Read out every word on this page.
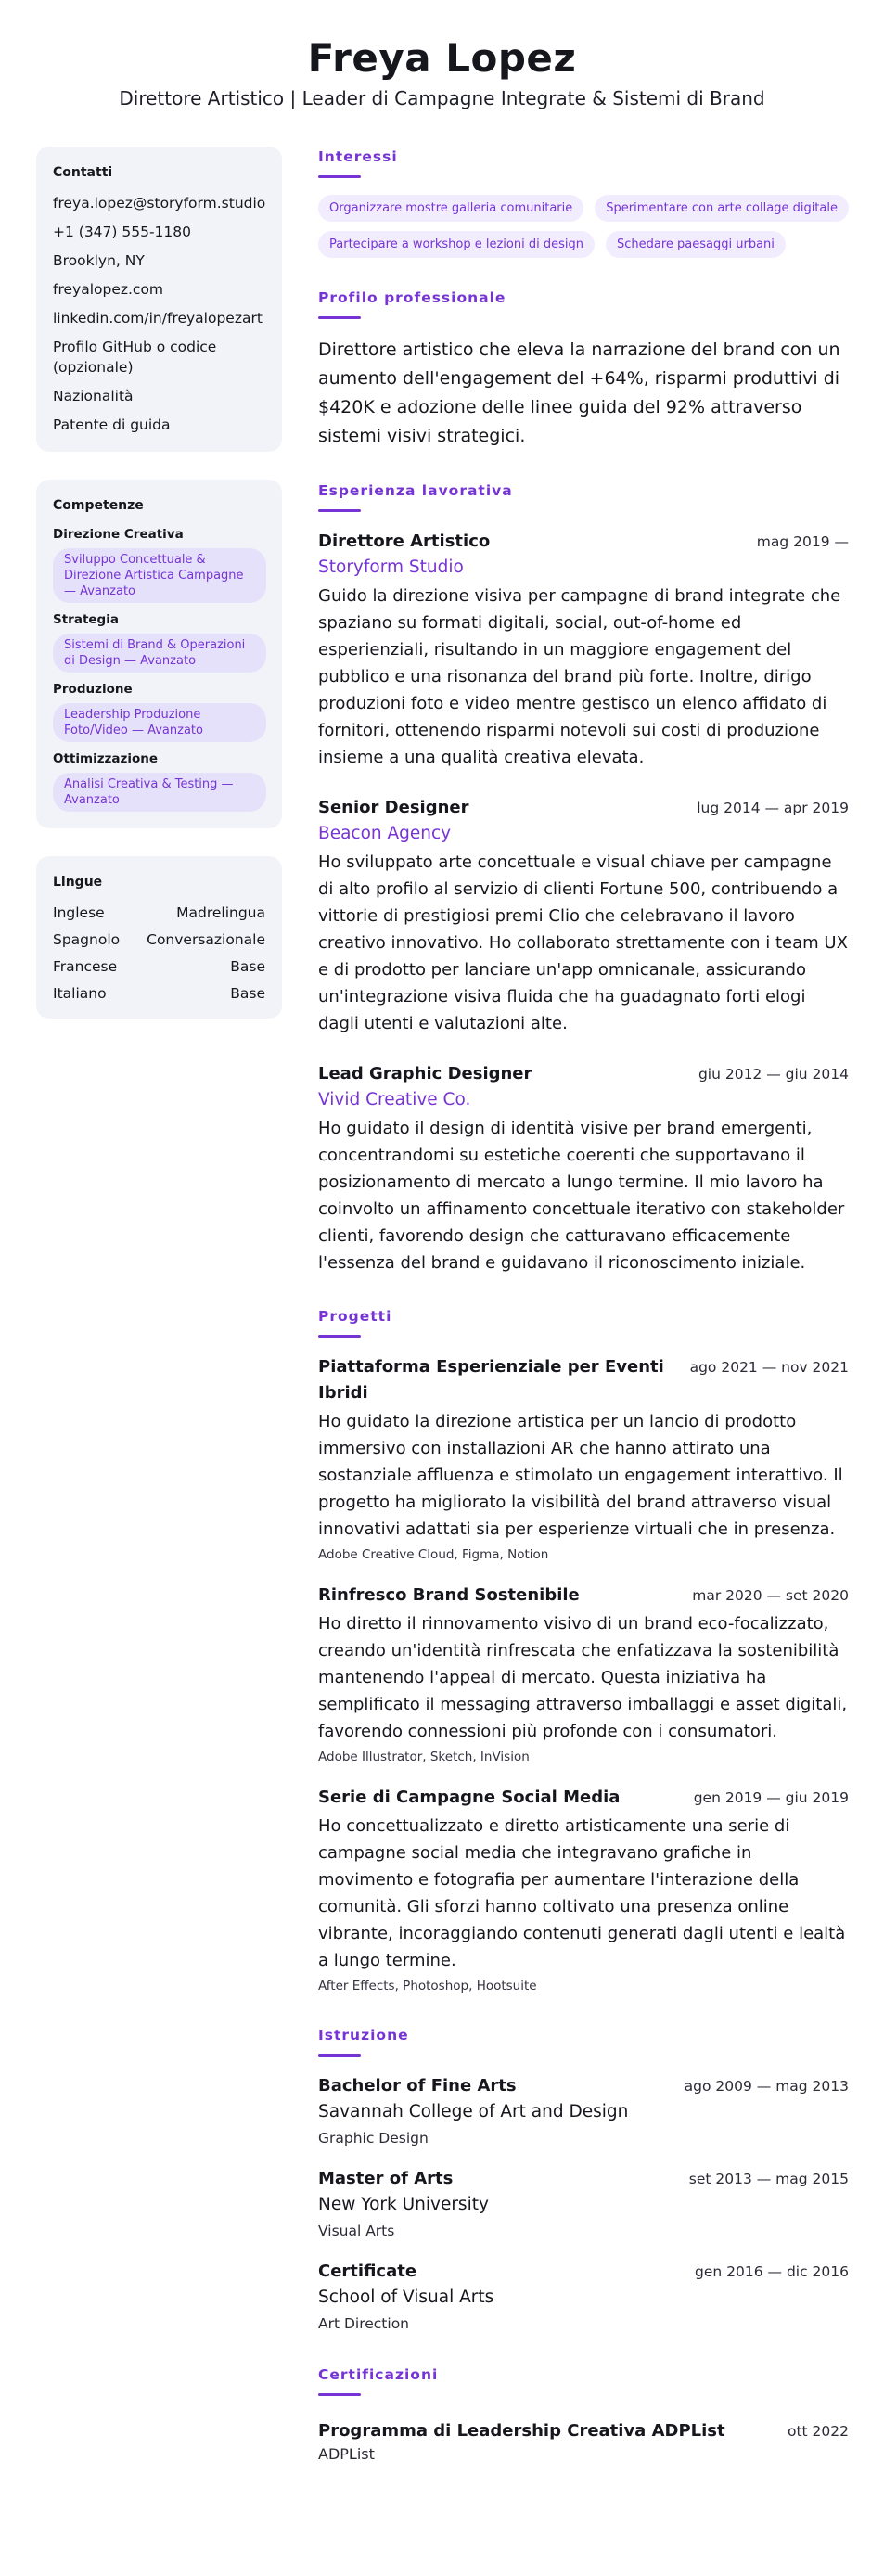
Freya Lopez
Direttore Artistico | Leader di Campagne Integrate & Sistemi di Brand
Contatti
freya.lopez@storyform.studio
+1 (347) 555-1180
Brooklyn, NY
freyalopez.com
linkedin.com/in/freyalopezart
Profilo GitHub o codice (opzionale)
Nazionalità
Patente di guida
Competenze
Direzione Creativa
Sviluppo Concettuale & Direzione Artistica Campagne — Avanzato
Strategia
Sistemi di Brand & Operazioni di Design — Avanzato
Produzione
Leadership Produzione Foto/Video — Avanzato
Ottimizzazione
Analisi Creativa & Testing — Avanzato
Lingue
Inglese	Madrelingua
Spagnolo Conversazionale
Francese	Base
Italiano	Base
Interessi
Organizzare mostre galleria comunitarie	Sperimentare con arte collage digitale
Partecipare a workshop e lezioni di design	Schedare paesaggi urbani
Profilo professionale
Direttore artistico che eleva la narrazione del brand con un aumento dell'engagement del +64%, risparmi produttivi di $420K e adozione delle linee guida del 92% attraverso sistemi visivi strategici.
Esperienza lavorativa
Direttore Artistico	mag 2019 —
Storyform Studio
Guido la direzione visiva per campagne di brand integrate che spaziano su formati digitali, social, out-of-home ed esperienziali, risultando in un maggiore engagement del pubblico e una risonanza del brand più forte. Inoltre, dirigo produzioni foto e video mentre gestisco un elenco affidato di fornitori, ottenendo risparmi notevoli sui costi di produzione insieme a una qualità creativa elevata.
Senior Designer	lug 2014 — apr 2019
Beacon Agency
Ho sviluppato arte concettuale e visual chiave per campagne di alto profilo al servizio di clienti Fortune 500, contribuendo a vittorie di prestigiosi premi Clio che celebravano il lavoro creativo innovativo. Ho collaborato strettamente con i team UX e di prodotto per lanciare un'app omnicanale, assicurando un'integrazione visiva fluida che ha guadagnato forti elogi dagli utenti e valutazioni alte.
Lead Graphic Designer	giu 2012 — giu 2014
Vivid Creative Co.
Ho guidato il design di identità visive per brand emergenti, concentrandomi su estetiche coerenti che supportavano il posizionamento di mercato a lungo termine. Il mio lavoro ha coinvolto un affinamento concettuale iterativo con stakeholder clienti, favorendo design che catturavano efficacemente l'essenza del brand e guidavano il riconoscimento iniziale.
Progetti
Piattaforma Esperienziale per Eventi Ibridi
ago 2021 — nov 2021
Ho guidato la direzione artistica per un lancio di prodotto immersivo con installazioni AR che hanno attirato una sostanziale affluenza e stimolato un engagement interattivo. Il progetto ha migliorato la visibilità del brand attraverso visual innovativi adattati sia per esperienze virtuali che in presenza.
Adobe Creative Cloud, Figma, Notion
Rinfresco Brand Sostenibile	mar 2020 — set 2020
Ho diretto il rinnovamento visivo di un brand eco-focalizzato, creando un'identità rinfrescata che enfatizzava la sostenibilità mantenendo l'appeal di mercato. Questa iniziativa ha semplificato il messaging attraverso imballaggi e asset digitali, favorendo connessioni più profonde con i consumatori.
Adobe Illustrator, Sketch, InVision
Serie di Campagne Social Media	gen 2019 — giu 2019
Ho concettualizzato e diretto artisticamente una serie di campagne social media che integravano grafiche in movimento e fotografia per aumentare l'interazione della comunità. Gli sforzi hanno coltivato una presenza online vibrante, incoraggiando contenuti generati dagli utenti e lealtà a lungo termine.
After Effects, Photoshop, Hootsuite
Istruzione
Bachelor of Fine Arts	ago 2009 — mag 2013
Savannah College of Art and Design
Graphic Design
Master of Arts	set 2013 — mag 2015
New York University
Visual Arts
Certificate	gen 2016 — dic 2016
School of Visual Arts
Art Direction
Certificazioni
Programma di Leadership Creativa ADPList	ott 2022
ADPList
